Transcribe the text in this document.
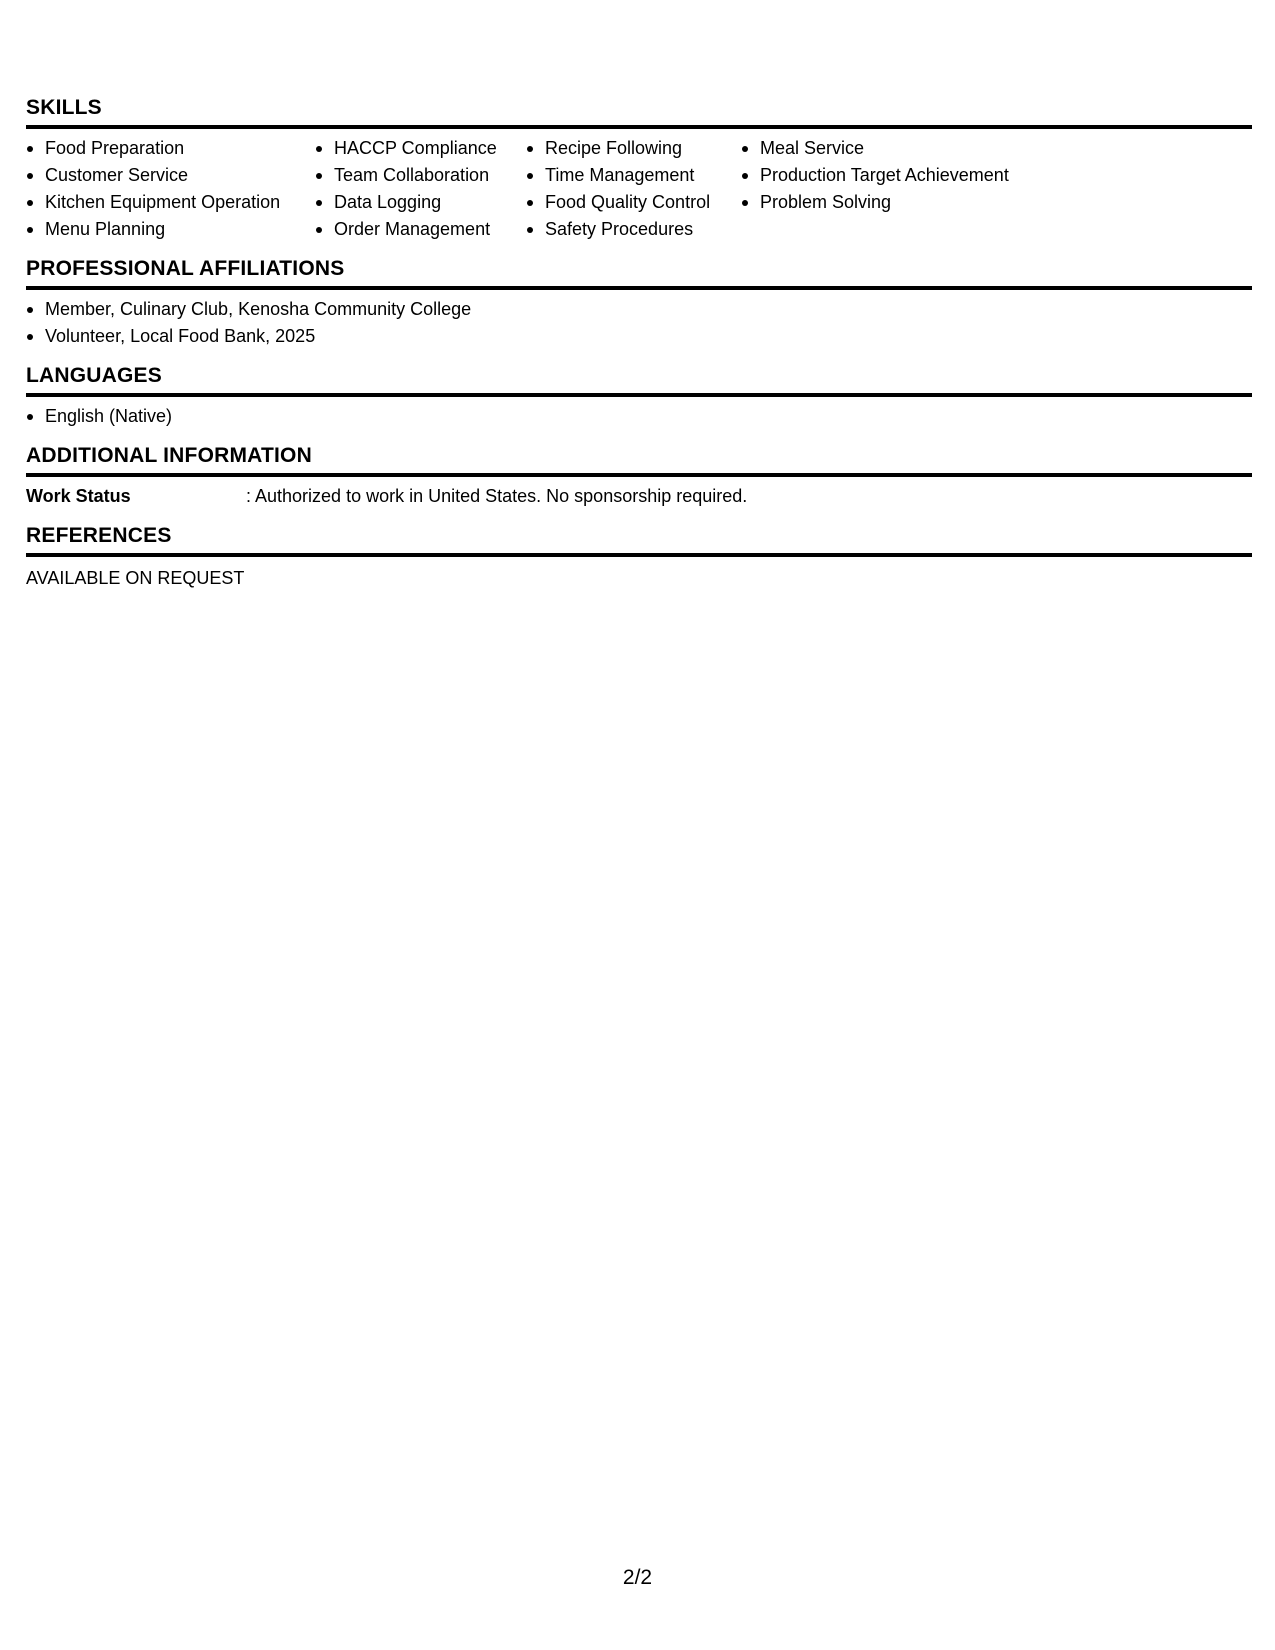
SKILLS
Food Preparation
Customer Service
Kitchen Equipment Operation
Menu Planning
HACCP Compliance
Team Collaboration
Data Logging
Order Management
Recipe Following
Time Management
Food Quality Control
Safety Procedures
Meal Service
Production Target Achievement
Problem Solving
PROFESSIONAL AFFILIATIONS
Member, Culinary Club, Kenosha Community College
Volunteer, Local Food Bank, 2025
LANGUAGES
English (Native)
ADDITIONAL INFORMATION
Work Status	: Authorized to work in United States. No sponsorship required.
REFERENCES
AVAILABLE ON REQUEST
2/2
